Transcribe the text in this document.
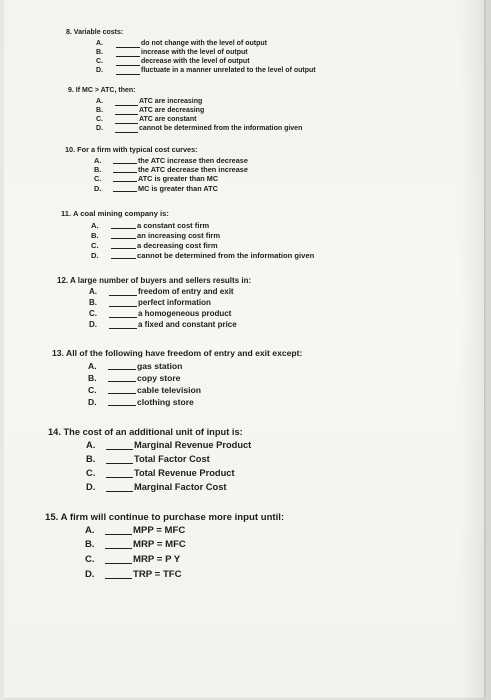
8. Variable costs:
A.	do not change with the level of output
B.	increase with the level of output
C.	decrease with the level of output
D.	fluctuate in a manner unrelated to the level of output
9. If MC > ATC, then:
A.	ATC are increasing
B.	ATC are decreasing
C.	ATC are constant
D.	cannot be determined from the information given
10. For a firm with typical cost curves:
A.	the ATC increase then decrease
B.	the ATC decrease then increase
C.	ATC is greater than MC
D.	MC is greater than ATC
11. A coal mining company is:
A.	a constant cost firm
B.	an increasing cost firm
C.	a decreasing cost firm
D.	cannot be determined from the information given
12. A large number of buyers and sellers results in:
A.	freedom of entry and exit
B.	perfect information
C.	a homogeneous product
D.	a fixed and constant price
13. All of the following have freedom of entry and exit except:
A.	gas station
B.	copy store
C.	cable television
D.	clothing store
14. The cost of an additional unit of input is:
A.	Marginal Revenue Product
B.	Total Factor Cost
C.	Total Revenue Product
D.	Marginal Factor Cost
15. A firm will continue to purchase more input until:
A.	MPP = MFC
B.	MRP = MFC
C.	MRP = P Y
D.	TRP = TFC
